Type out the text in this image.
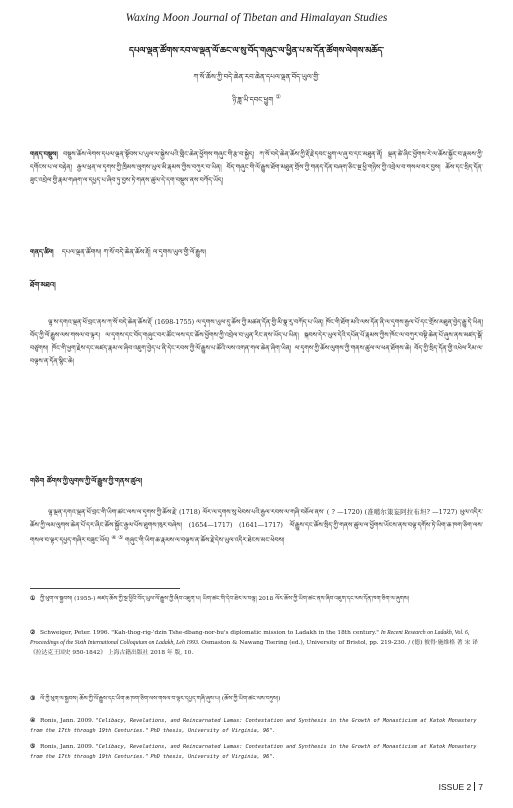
Waxing Moon Journal of Tibetan and Himalayan Studies
དཔལ་ལྡན་ཚོགས་རབ་ལ་ལྡན་ལོ་ཆང་ལ་སུ་བོད་གཞུང་ལ་ཕྱིན་པ་མ་དོན་ཚོགས་ལེགས་མཆོད་
ཀ་སོ་ཆོས་ཀྱི་བདེ་ཆེན་རབ་ཆེན་དཔལ་ལྡན་བོད་ཡུལ་གྱི་
ཉི་ཟླ་ཡི་དབང་ཕྱུག ①
གནད་བསྡུས། བསྡུས་ཆོས་ལེགས་དཔལ་ལྡན་སྟོབས་པ་ཡུལ་ལ་སྐྱེས་པའི་གླིང་ཆེན་ཕྱོགས་གཞུང་གི་རྩ་བ་སྐྱེད། ཀ་སོ་བདེ་ཆེན་ཆོས་ཀྱི་རྡོ་རྗེ་དབང་ཕྱུག་ལ་ཞུ་བ་དང་མཐུན་ནོ། ལྡན་ཚེ་ཞིང་ཕྱོགས་རེ་ལ་ཆོས་སྐྱོང་བ་རྣམས་ཀྱི་དགོངས་པ་ལ་བརྟེན། རྒྱལ་ཕྲན་ལ་དྭགས་ཀྱི་ཁྲིམས་ལུགས་ཡུལ་མི་རྣམས་ཀྱིས་བཀུར་བ་ཡིན། བོད་གཞུང་གི་ལོ་རྒྱུས་ཐོག་མཐུན་གྲོས་ཀྱི་གནད་དོན་བཞག་ཅིང་སྔ་ཕྱི་གཉིས་ཀྱི་འབྲེལ་བ་གསལ་བར་བྱས། ཆོས་དང་སྲིད་དོན་ཟུང་འབྲེལ་གྱི་རྣམ་གཞག་ལ་དཔྱད་པ་ཞིབ་ཏུ་བྱས་ཏེ་གནས་ཚུལ་དེ་དག་བསྡུས་ནས་བཀོད་ཡོད།
གནད་ཚིག དཔལ་ལྡན་ཚོགས། ཀ་སོ་བདེ་ཆེན་ཆོས་རྡོ། ལ་དྭགས་ཡུལ་གྱི་ལོ་རྒྱུས།
ཐོག་མཐའ།
ལྷ་ས་དགའ་ལྡན་ཕོ་བྲང་ནས་ཀ་སོ་བདེ་ཆེན་ཆོས་རྡོ་ (1698-1755) ལ་དྭགས་ཡུལ་དུ་ཆོས་ཀྱི་མཚན་དོན་གྱི་མི་སྣ་རུ་བཀོད་པ་ཡིན། ཁོང་གི་ཐོག་མའི་ལས་དོན་ནི་ལ་དྭགས་རྒྱལ་པོ་དང་གྲོས་མཐུན་བྱེད་རྒྱུ་དེ་ཡིན། བོད་ཀྱི་ལོ་རྒྱུས་ལས་གསལ་བ་ལྟར། ལ་དྭགས་དང་བོད་གཞུང་བར་ཚོང་ལས་དང་ཆོས་ཕྱོགས་ཀྱི་འབྲེལ་བ་ཡུན་རིང་ནས་ཡོད་པ་ཡིན། སྐབས་དེར་ཡུལ་དེའི་དཔོན་པོ་རྣམས་ཀྱིས་ཁོང་ལ་བཀུར་བསྟི་ཆེན་པོ་ཞུས་ནས་མཛད་སྒོ་བཙུགས། ཁོང་གི་ཕྱག་རྗེས་དང་མཛད་རྣམ་ལ་ཞིབ་འཇུག་བྱེད་པ་ནི་དེང་རབས་ཀྱི་ལོ་རྒྱུས་པ་ཚོའི་ལས་འགན་གལ་ཆེན་ཞིག་ཡིན། ལ་དྭགས་ཀྱི་ཆོས་ལུགས་ཀྱི་གནས་ཚུལ་ལ་ཕན་ཐོགས་ཆེ། བོད་ཀྱི་སྲིད་དོན་གྱི་འཕེལ་རིམ་ལ་བལྟས་ན་དོན་སྙིང་ཆེ།
གཅིག ཚོགས་ཀྱི་ལུགས་ཀྱི་ལོ་རྒྱུས་ཀྱི་གནས་ཚུལ།
ལྷ་ལྡན་དགའ་ལྡན་ཕོ་བྲང་གི་ཡིག་ཚང་ལས་ལ་དྭགས་ཀྱི་ཆོས་རྗེ་ (1718) ལོར་ལ་དྭགས་སུ་ཕེབས་པའི་རྒྱལ་རབས་ལ་གཞི་བཅོལ་ནས་ ( ? —1720) (准噶尔策妄阿拉布坦? —1727) ཡུལ་འདིར་ཆོས་ཀྱི་ལམ་ལུགས་ཆེན་པོ་དར་ཞིང་ཆོས་སྐྱོང་རྒྱལ་པོས་ཐུགས་ཁུར་བཞེས། (1654—1717) (1641—1717) ལོ་རྒྱུས་དང་ཆོས་སྲིད་ཀྱི་གནས་ཚུལ་ལ་ཕྱོགས་ཡོངས་ནས་བལྟ་དགོས་ཏེ་ཡིག་ཆ་ཁག་ཅིག་ལས་གསལ་བ་ལྟར་དཔྱད་གཞིར་བཟུང་ཡོད། ④ ⑤ གཞུང་གི་ཡིག་ཆ་རྣམས་ལ་བལྟས་ན་ཆོས་རྗེ་དེས་ཡུལ་འདིར་ཐེངས་མང་ཕེབས།
① ཀྱི་ཕུག་ལ་སྐྱབས། (1955-) མཛད་ཆོས་ཀྱི་སྔ་ཕྱིའི་བོད་ཡུལ་ལོ་རྒྱུས་ཀྱི་ཞིབ་འཇུག་པ། ཡིག་ཚང་གི་དེབ་ཐེར་ལ་བལྟ། 2018 ལོར་ཆོས་ཀྱི་ཡིག་ཚང་ནས་ཞིབ་འཇུག་དང་ལས་དོན་ཁག་ཅིག་ལ་ཞུགས།
② Schweiger, Peter. 1996. "Kah-thog-rig-'dzin Tshe-dbang-nor-bu's diplomatic mission to Ladakh in the 18th century." In Recent Research on Ladakh, Vol. 6, Proceedings of the Sixth International Colloquium on Ladakh, Leh 1993. Osmaston & Nawang Tsering (ed.), University of Bristol, pp. 219-230. / (德) 彼得·施维格 著 宋 译《拉达克王国史 950-1842》 上海古籍出版社 2018 年 版, 10.
③ ལོ་ཀྱི་ཕུག་ལ་སྐྱབས། ཆོས་ཀྱི་ལོ་རྒྱུས་དང་ཡིག་ཆ་ཁག་ཅིག་ལས་གསལ་བ་ལྟར་དཔྱད་གཞི་ཞུས་པ། (ཆོས་ཀྱི་ཡིག་ཚང་ལས་བཏུས།)
④ Ronis, Jann. 2009. "Celibacy, Revelations, and Reincarnated Lamas: Contestation and Synthesis in the Growth of Monasticism at Katok Monastery from the 17th through 19th Centuries." PhD thesis, University of Virginia, 96".
⑤ Ronis, Jann. 2009. "Celibacy, Revelations, and Reincarnated Lamas: Contestation and Synthesis in the Growth of Monasticism at Katok Monastery from the 17th through 19th Centuries." PhD thesis, University of Virginia, 96".
ISSUE 2 7
